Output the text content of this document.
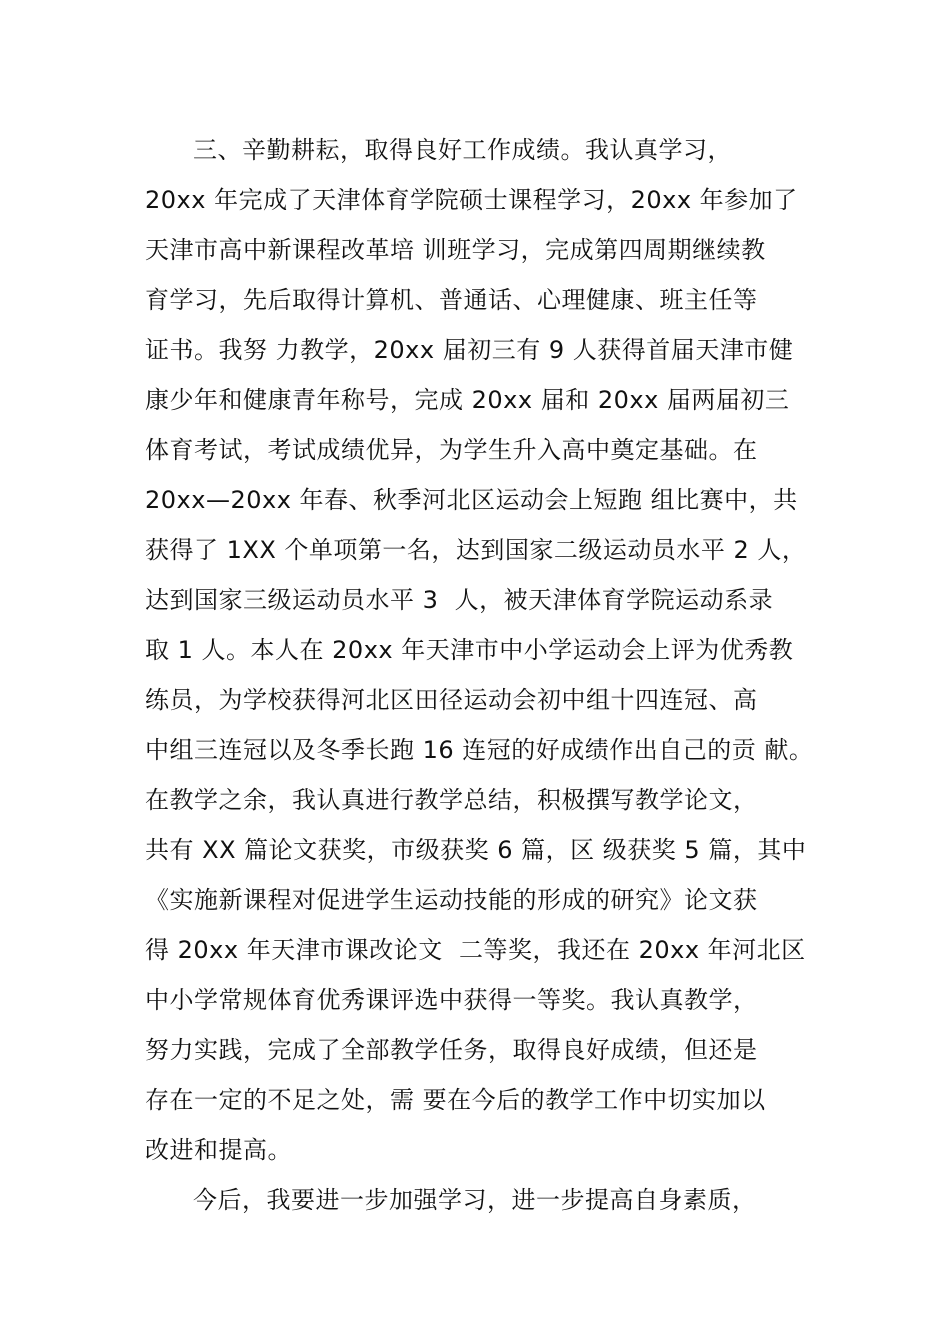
三、辛勤耕耘，取得良好工作成绩。我认真学习，
20xx 年完成了天津体育学院硕士课程学习，20xx 年参加了
天津市高中新课程改革培 训班学习，完成第四周期继续教
育学习，先后取得计算机、普通话、心理健康、班主任等
证书。我努 力教学，20xx 届初三有 9 人获得首届天津市健
康少年和健康青年称号，完成 20xx 届和 20xx 届两届初三
体育考试，考试成绩优异，为学生升入高中奠定基础。在
20xx—20xx 年春、秋季河北区运动会上短跑 组比赛中，共
获得了 1XX 个单项第一名，达到国家二级运动员水平 2 人，
达到国家三级运动员水平 3  人，被天津体育学院运动系录
取 1 人。本人在 20xx 年天津市中小学运动会上评为优秀教
练员，为学校获得河北区田径运动会初中组十四连冠、高
中组三连冠以及冬季长跑 16 连冠的好成绩作出自己的贡 献。
在教学之余，我认真进行教学总结，积极撰写教学论文，
共有 XX 篇论文获奖，市级获奖 6 篇，区 级获奖 5 篇，其中
《实施新课程对促进学生运动技能的形成的研究》论文获
得 20xx 年天津市课改论文  二等奖，我还在 20xx 年河北区
中小学常规体育优秀课评选中获得一等奖。我认真教学，
努力实践，完成了全部教学任务，取得良好成绩，但还是
存在一定的不足之处，需 要在今后的教学工作中切实加以
改进和提高。
今后，我要进一步加强学习，进一步提高自身素质，
